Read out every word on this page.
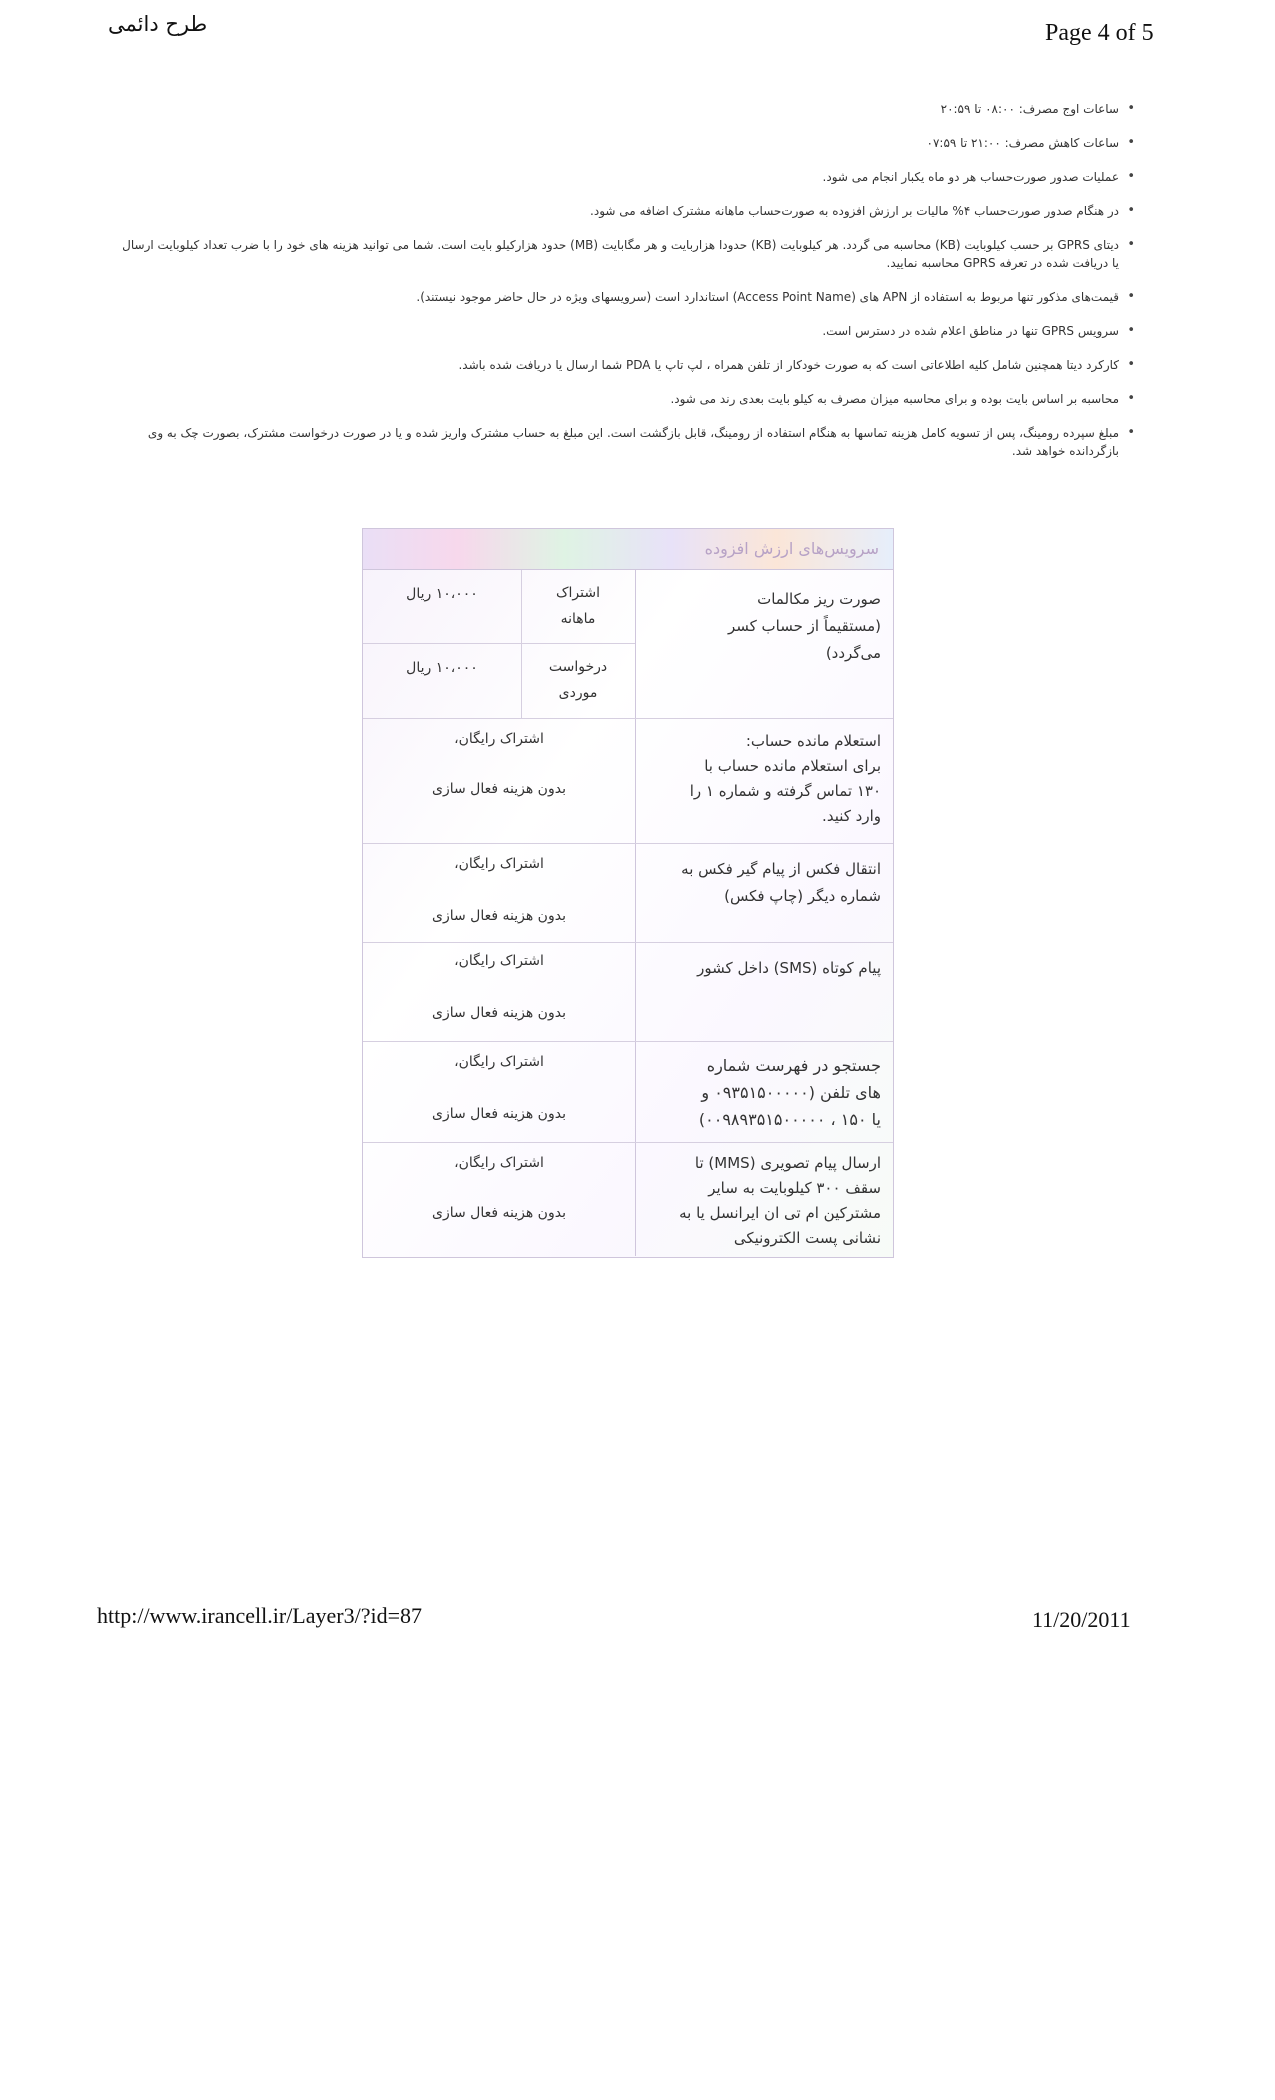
طرح دائمی	Page 4 of 5
•
ساعات اوج مصرف: ۰۸:۰۰ تا ۲۰:۵۹
•
ساعات کاهش مصرف: ۲۱:۰۰ تا ۰۷:۵۹
•
عملیات صدور صورت‌حساب هر دو ماه یکبار انجام می شود.
•
در هنگام صدور صورت‌حساب ۴% مالیات بر ارزش افزوده به صورت‌حساب ماهانه مشترک اضافه می شود.
•
دیتای GPRS بر حسب کیلوبایت (KB) محاسبه می گردد. هر کیلوبایت (KB) حدودا هزاربایت و هر مگابایت (MB) حدود هزارکیلو بایت است. شما می توانید هزینه های خود را با ضرب تعداد کیلوبایت ارسال یا دریافت شده در تعرفه GPRS محاسبه نمایید.
•
قیمت‌های مذکور تنها مربوط به استفاده از APN های (Access Point Name) استاندارد است (سرویسهای ویژه در حال حاضر موجود نیستند).
•
سرویس GPRS تنها در مناطق اعلام شده در دسترس است.
•
کارکرد دیتا همچنین شامل کلیه اطلاعاتی است که به صورت خودکار از تلفن همراه ، لپ تاپ یا PDA شما ارسال یا دریافت شده باشد.
•
محاسبه بر اساس بایت بوده و برای محاسبه میزان مصرف به کیلو بایت بعدی رند می شود.
•
مبلغ سپرده رومینگ، پس از تسویه کامل هزینه تماسها به هنگام استفاده از رومینگ، قابل بازگشت است. این مبلغ به حساب مشترک واریز شده و یا در صورت درخواست مشترک، بصورت چک به وی بازگردانده خواهد شد.
سرویس‌های ارزش افزوده
صورت ریز مکالمات
(مستقیماً از حساب کسر
می‌گردد)
اشتراک
ماهانه
۱۰،۰۰۰ ریال
درخواست
موردی
۱۰،۰۰۰ ریال
استعلام مانده حساب:
برای استعلام مانده حساب با
۱۳۰ تماس گرفته و شماره ۱ را
وارد کنید.
اشتراک رایگان،
بدون هزینه فعال سازی
انتقال فکس از پیام گیر فکس به
شماره دیگر (چاپ فکس)
اشتراک رایگان،
بدون هزینه فعال سازی
پیام کوتاه (SMS) داخل کشور
اشتراک رایگان،
بدون هزینه فعال سازی
جستجو در فهرست شماره
های تلفن (۰۹۳۵۱۵۰۰۰۰۰ و
یا ۱۵۰ ، ۰۰۹۸۹۳۵۱۵۰۰۰۰۰)
اشتراک رایگان،
بدون هزینه فعال سازی
ارسال پیام تصویری (MMS) تا
سقف ۳۰۰ کیلوبایت به سایر
مشترکین ام تی ان ایرانسل یا به
نشانی پست الکترونیکی
اشتراک رایگان،
بدون هزینه فعال سازی
http://www.irancell.ir/Layer3/?id=87	11/20/2011
